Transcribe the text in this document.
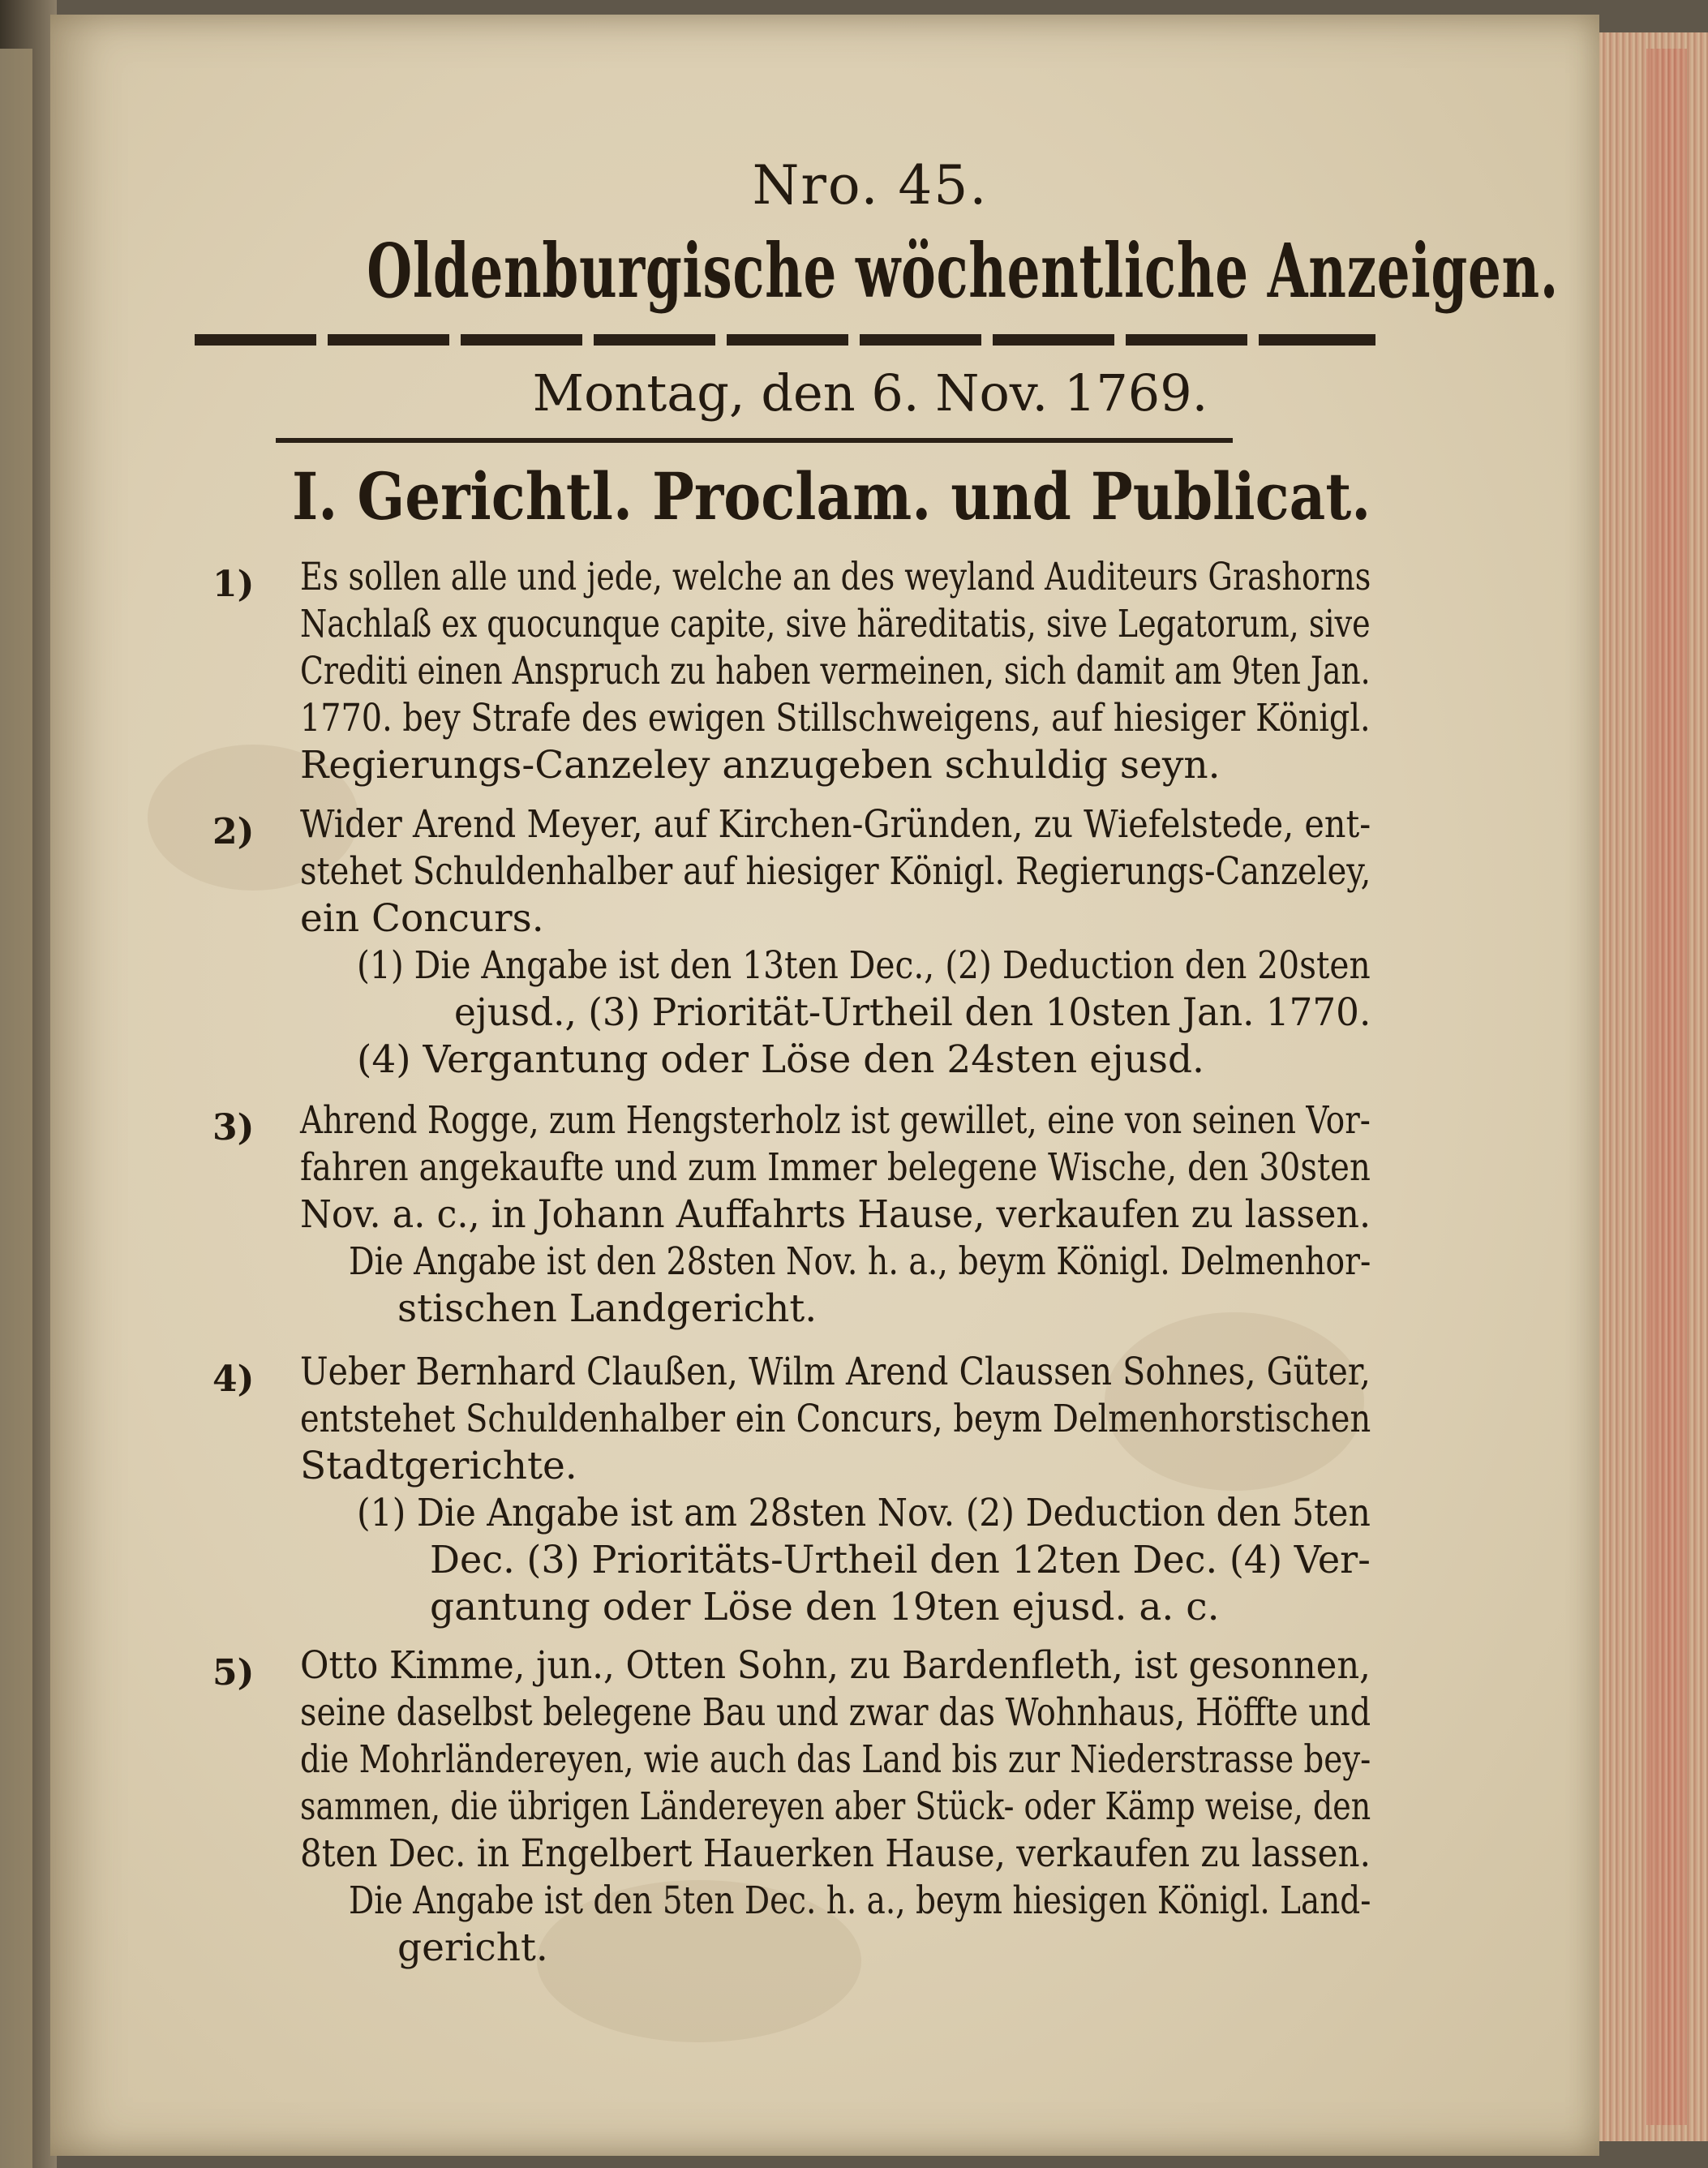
Nro. 45.
Oldenburgische wöchentliche Anzeigen.
Montag, den 6. Nov. 1769.
I. Gerichtl. Proclam. und Publicat.
1) Es sollen alle und jede, welche an des weyland Auditeurs Grashorns
Nachlaß ex quocunque capite, sive häreditatis, sive Legatorum, sive
Crediti einen Anspruch zu haben vermeinen, sich damit am 9ten Jan.
1770. bey Strafe des ewigen Stillschweigens, auf hiesiger Königl.
Regierungs-Canzeley anzugeben schuldig seyn.
2) Wider Arend Meyer, auf Kirchen-Gründen, zu Wiefelstede, ent-
stehet Schuldenhalber auf hiesiger Königl. Regierungs-Canzeley,
ein Concurs.
(1) Die Angabe ist den 13ten Dec., (2) Deduction den 20sten
ejusd., (3) Priorität-Urtheil den 10sten Jan. 1770.
(4) Vergantung oder Löse den 24sten ejusd.
3) Ahrend Rogge, zum Hengsterholz ist gewillet, eine von seinen Vor-
fahren angekaufte und zum Immer belegene Wische, den 30sten
Nov. a. c., in Johann Auffahrts Hause, verkaufen zu lassen.
Die Angabe ist den 28sten Nov. h. a., beym Königl. Delmenhor-
stischen Landgericht.
4) Ueber Bernhard Claußen, Wilm Arend Claussen Sohnes, Güter,
entstehet Schuldenhalber ein Concurs, beym Delmenhorstischen
Stadtgerichte.
(1) Die Angabe ist am 28sten Nov. (2) Deduction den 5ten
Dec. (3) Prioritäts-Urtheil den 12ten Dec. (4) Ver-
gantung oder Löse den 19ten ejusd. a. c.
5) Otto Kimme, jun., Otten Sohn, zu Bardenfleth, ist gesonnen,
seine daselbst belegene Bau und zwar das Wohnhaus, Höffte und
die Mohrländereyen, wie auch das Land bis zur Niederstrasse bey-
sammen, die übrigen Ländereyen aber Stück- oder Kämp weise, den
8ten Dec. in Engelbert Hauerken Hause, verkaufen zu lassen.
Die Angabe ist den 5ten Dec. h. a., beym hiesigen Königl. Land-
gericht.
